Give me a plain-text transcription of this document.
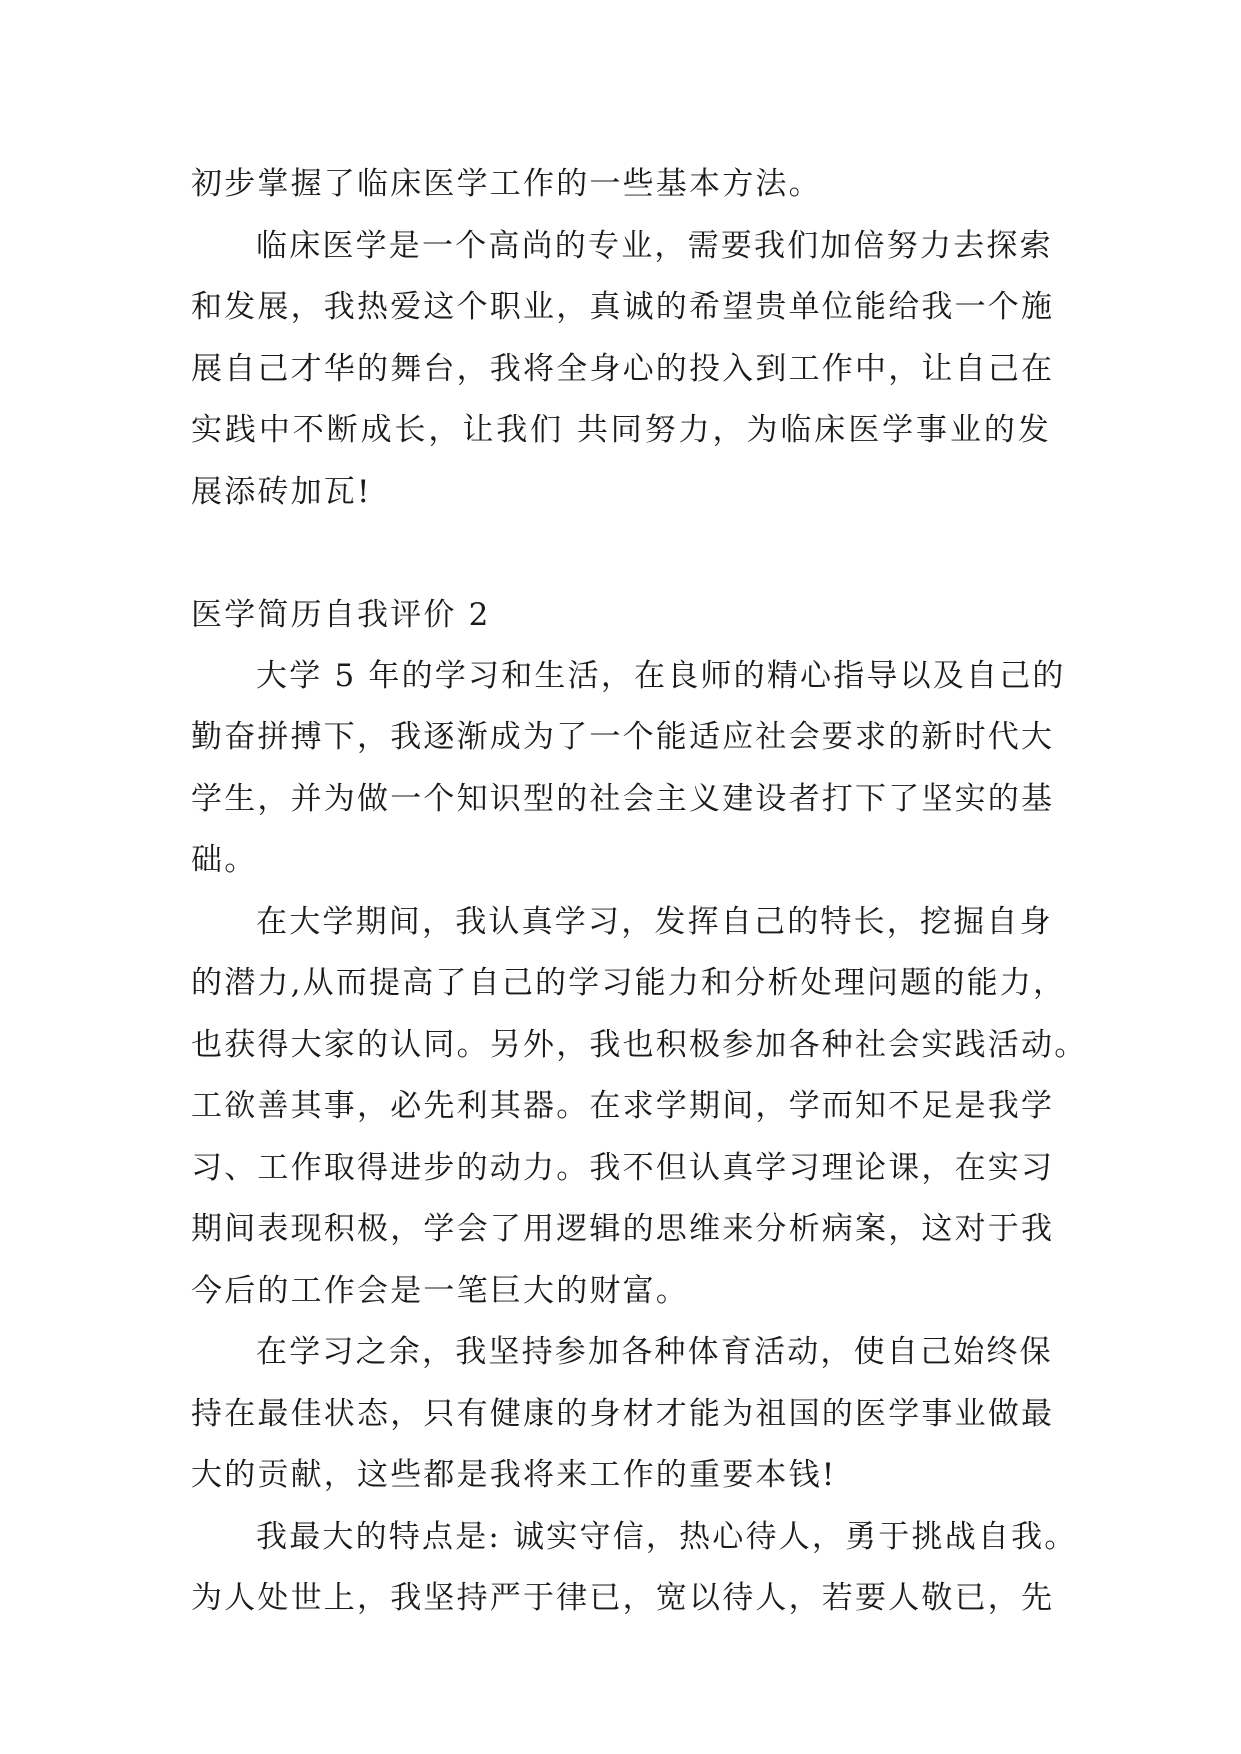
初步掌握了临床医学工作的一些基本方法。
临床医学是一个高尚的专业，需要我们加倍努力去探索
和发展，我热爱这个职业，真诚的希望贵单位能给我一个施
展自己才华的舞台，我将全身心的投入到工作中，让自己在
实践中不断成长，让我们 共同努力，为临床医学事业的发
展添砖加瓦!
医学简历自我评价 2
大学 5 年的学习和生活，在良师的精心指导以及自己的
勤奋拼搏下，我逐渐成为了一个能适应社会要求的新时代大
学生，并为做一个知识型的社会主义建设者打下了坚实的基
础。
在大学期间，我认真学习，发挥自己的特长，挖掘自身
的潜力,从而提高了自己的学习能力和分析处理问题的能力，
也获得大家的认同。另外，我也积极参加各种社会实践活动。
工欲善其事，必先利其器。在求学期间，学而知不足是我学
习、工作取得进步的动力。我不但认真学习理论课，在实习
期间表现积极，学会了用逻辑的思维来分析病案，这对于我
今后的工作会是一笔巨大的财富。
在学习之余，我坚持参加各种体育活动，使自己始终保
持在最佳状态，只有健康的身材才能为祖国的医学事业做最
大的贡献，这些都是我将来工作的重要本钱!
我最大的特点是: 诚实守信，热心待人，勇于挑战自我。
为人处世上，我坚持严于律已，宽以待人，若要人敬已，先
